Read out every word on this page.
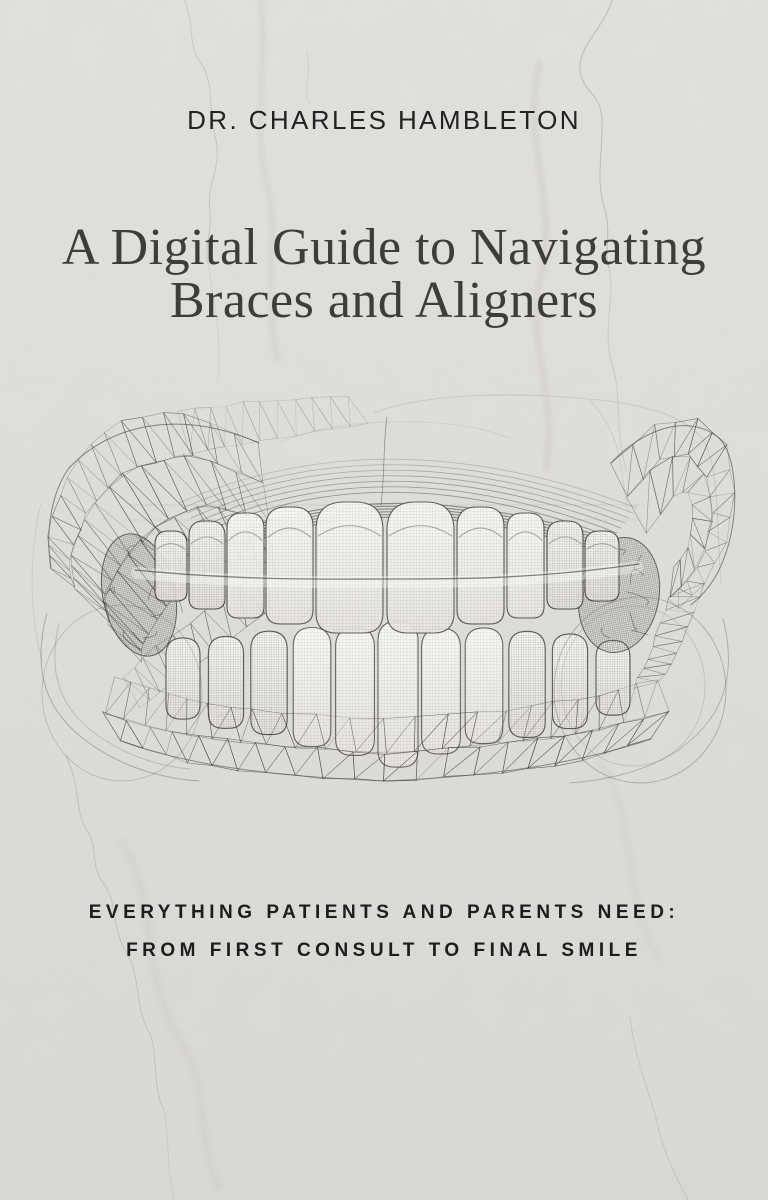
DR. CHARLES HAMBLETON
A Digital Guide to Navigating
Braces and Aligners
EVERYTHING PATIENTS AND PARENTS NEED:
FROM FIRST CONSULT TO FINAL SMILE
